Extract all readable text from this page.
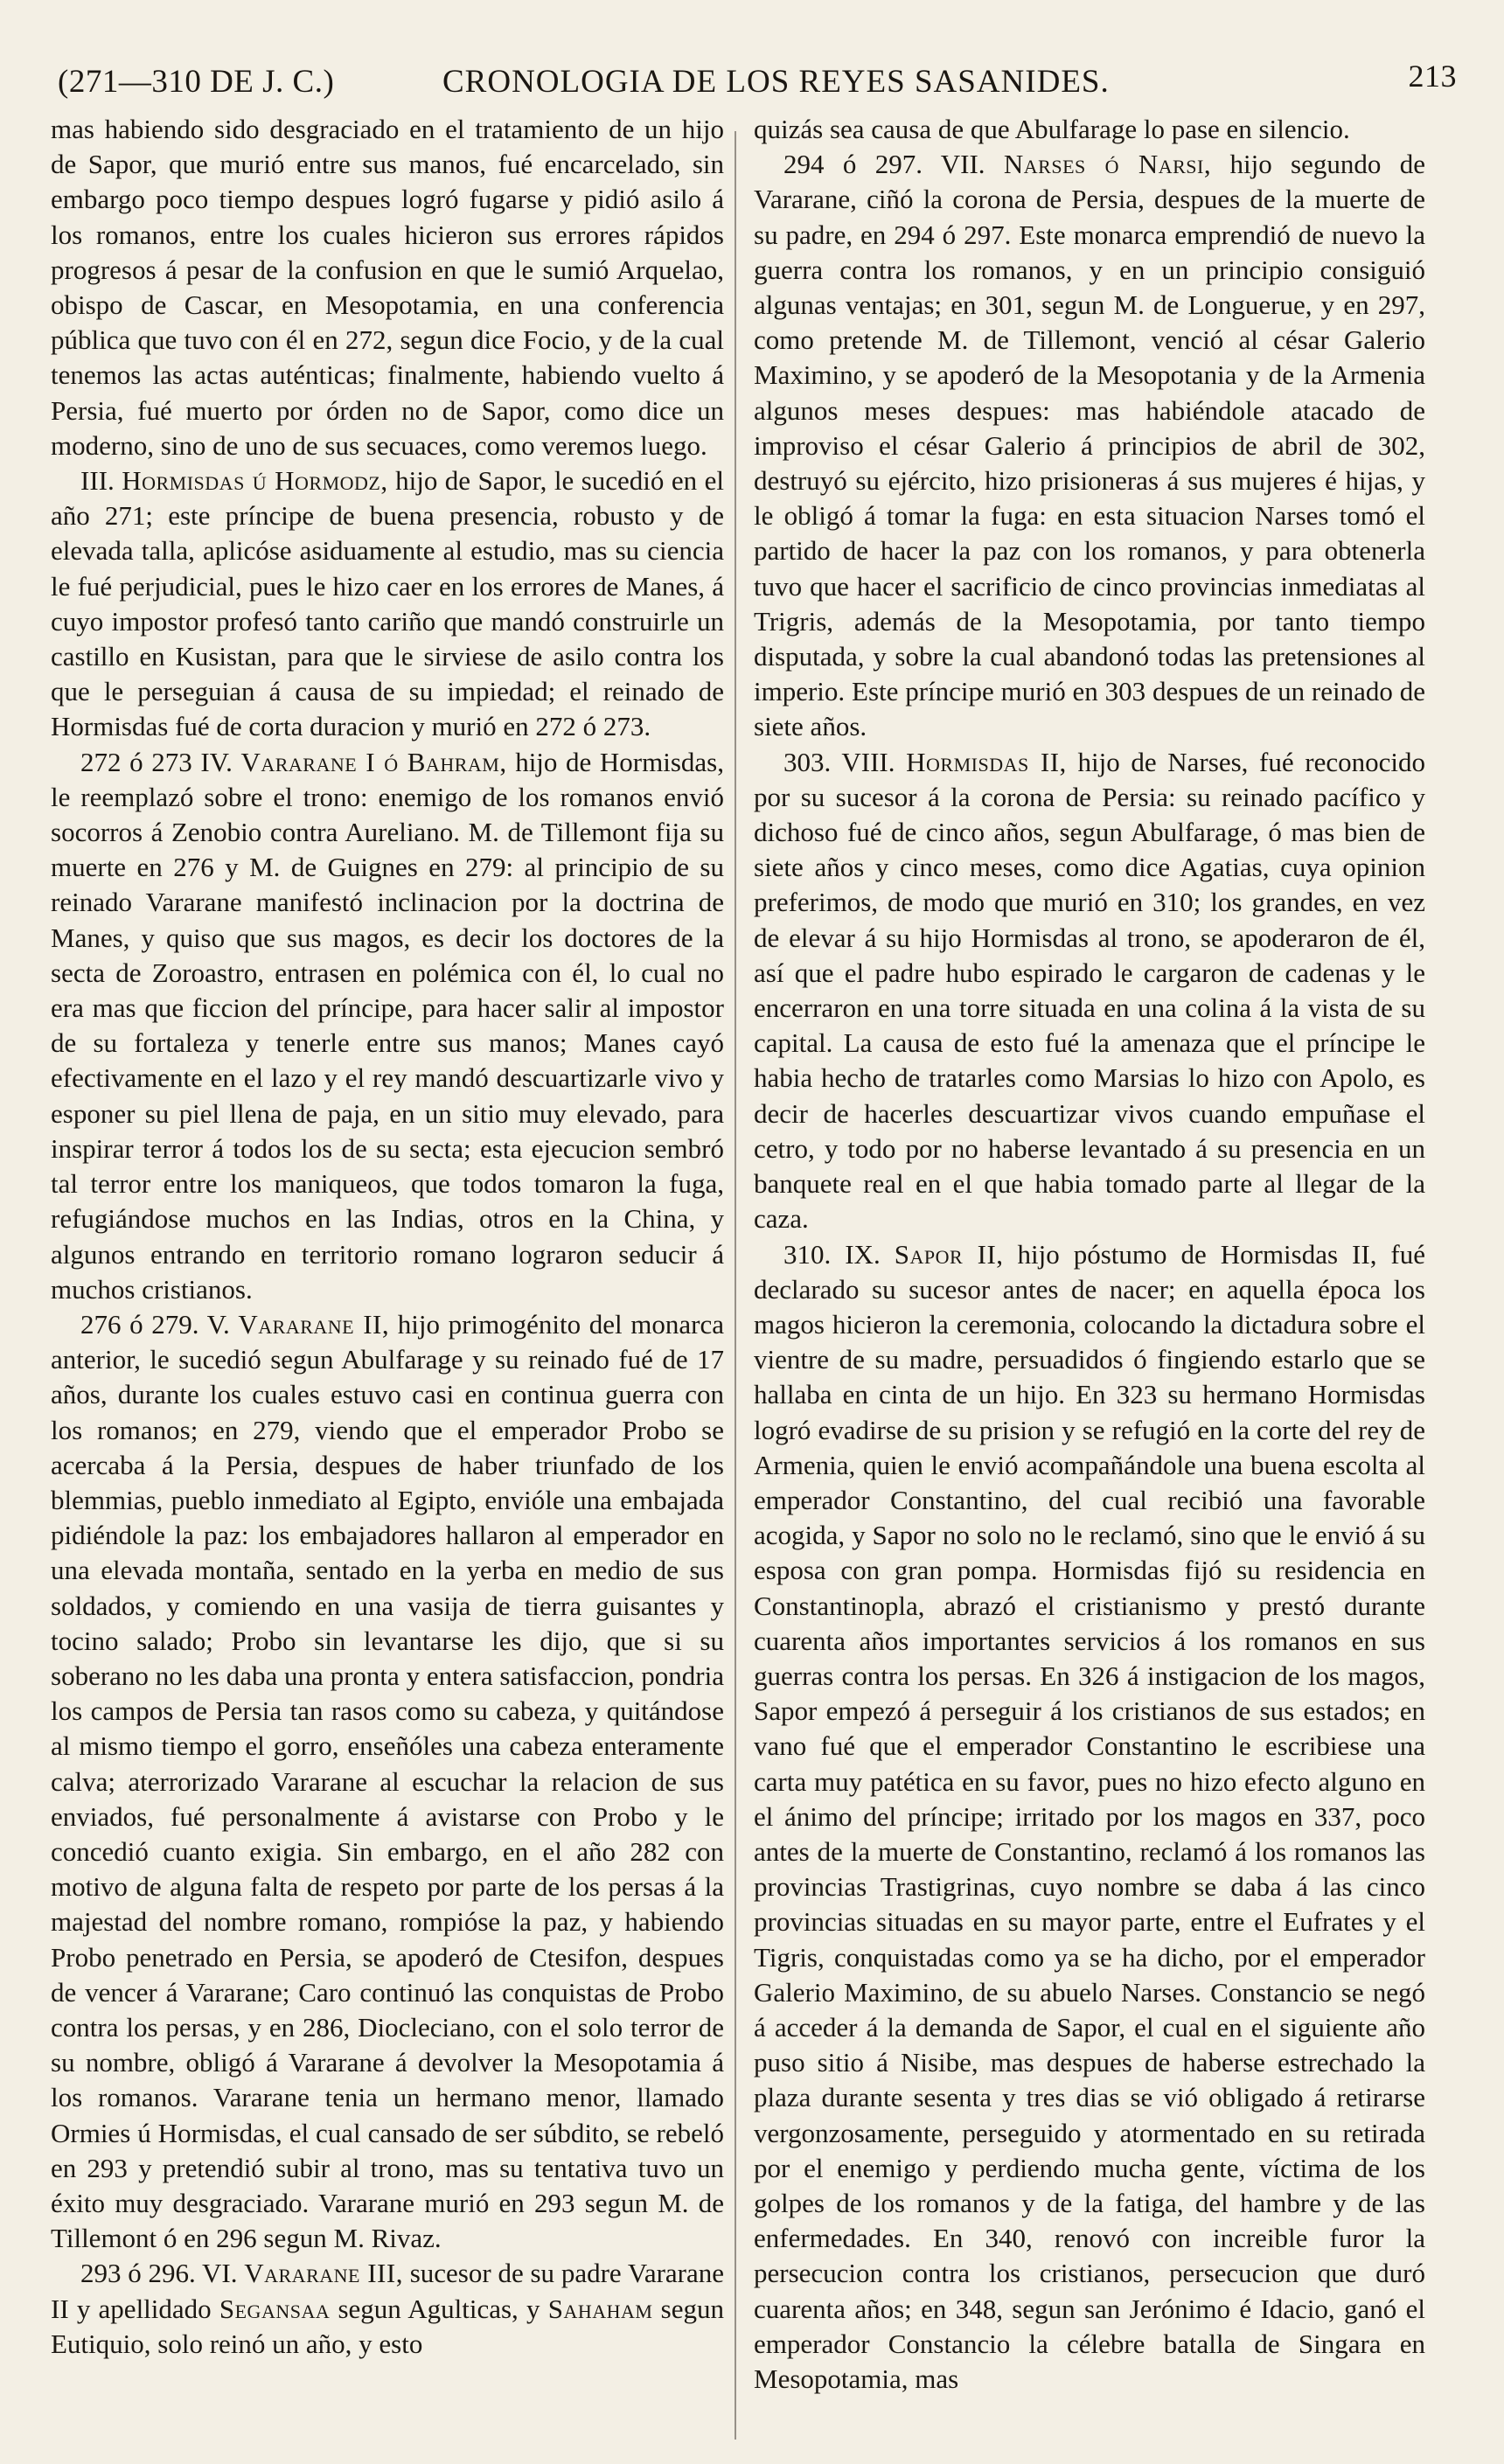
(271—310 DE J. C.)	CRONOLOGIA DE LOS REYES SASANIDES.	213

mas habiendo sido desgraciado en el tratamiento de un hijo de Sapor, que murió entre sus manos, fué encarcelado, sin embargo poco tiempo despues logró fugarse y pidió asilo á los romanos, entre los cuales hicieron sus errores rápidos progresos á pesar de la confusion en que le sumió Arquelao, obispo de Cascar, en Mesopotamia, en una conferencia pública que tuvo con él en 272, segun dice Focio, y de la cual tenemos las actas auténticas; finalmente, habiendo vuelto á Persia, fué muerto por órden no de Sapor, como dice un moderno, sino de uno de sus secuaces, como veremos luego.

III. Hormisdas ú Hormodz, hijo de Sapor, le sucedió en el año 271; este príncipe de buena presencia, robusto y de elevada talla, aplicóse asiduamente al estudio, mas su ciencia le fué perjudicial, pues le hizo caer en los errores de Manes, á cuyo impostor profesó tanto cariño que mandó construirle un castillo en Kusistan, para que le sirviese de asilo contra los que le perseguian á causa de su impiedad; el reinado de Hormisdas fué de corta duracion y murió en 272 ó 273.

272 ó 273 IV. Vararane I ó Bahram, hijo de Hormisdas, le reemplazó sobre el trono: enemigo de los romanos envió socorros á Zenobio contra Aureliano. M. de Tillemont fija su muerte en 276 y M. de Guignes en 279: al principio de su reinado Vararane manifestó inclinacion por la doctrina de Manes, y quiso que sus magos, es decir los doctores de la secta de Zoroastro, entrasen en polémica con él, lo cual no era mas que ficcion del príncipe, para hacer salir al impostor de su fortaleza y tenerle entre sus manos; Manes cayó efectivamente en el lazo y el rey mandó descuartizarle vivo y esponer su piel llena de paja, en un sitio muy elevado, para inspirar terror á todos los de su secta; esta ejecucion sembró tal terror entre los maniqueos, que todos tomaron la fuga, refugiándose muchos en las Indias, otros en la China, y algunos entrando en territorio romano lograron seducir á muchos cristianos.

276 ó 279. V. Vararane II, hijo primogénito del monarca anterior, le sucedió segun Abulfarage y su reinado fué de 17 años, durante los cuales estuvo casi en continua guerra con los romanos; en 279, viendo que el emperador Probo se acercaba á la Persia, despues de haber triunfado de los blemmias, pueblo inmediato al Egipto, envióle una embajada pidiéndole la paz: los embajadores hallaron al emperador en una elevada montaña, sentado en la yerba en medio de sus soldados, y comiendo en una vasija de tierra guisantes y tocino salado; Probo sin levantarse les dijo, que si su soberano no les daba una pronta y entera satisfaccion, pondria los campos de Persia tan rasos como su cabeza, y quitándose al mismo tiempo el gorro, enseñóles una cabeza enteramente calva; aterrorizado Vararane al escuchar la relacion de sus enviados, fué personalmente á avistarse con Probo y le concedió cuanto exigia. Sin embargo, en el año 282 con motivo de alguna falta de respeto por parte de los persas á la majestad del nombre romano, rompióse la paz, y habiendo Probo penetrado en Persia, se apoderó de Ctesifon, despues de vencer á Vararane; Caro continuó las conquistas de Probo contra los persas, y en 286, Diocleciano, con el solo terror de su nombre, obligó á Vararane á devolver la Mesopotamia á los romanos. Vararane tenia un hermano menor, llamado Ormies ú Hormisdas, el cual cansado de ser súbdito, se rebeló en 293 y pretendió subir al trono, mas su tentativa tuvo un éxito muy desgraciado. Vararane murió en 293 segun M. de Tillemont ó en 296 segun M. Rivaz.

293 ó 296. VI. Vararane III, sucesor de su padre Vararane II y apellidado Segansaa segun Agulticas, y Sahaham segun Eutiquio, solo reinó un año, y esto

quizás sea causa de que Abulfarage lo pase en silencio.

294 ó 297. VII. Narses ó Narsi, hijo segundo de Vararane, ciñó la corona de Persia, despues de la muerte de su padre, en 294 ó 297. Este monarca emprendió de nuevo la guerra contra los romanos, y en un principio consiguió algunas ventajas; en 301, segun M. de Longuerue, y en 297, como pretende M. de Tillemont, venció al césar Galerio Maximino, y se apoderó de la Mesopotania y de la Armenia algunos meses despues: mas habiéndole atacado de improviso el césar Galerio á principios de abril de 302, destruyó su ejército, hizo prisioneras á sus mujeres é hijas, y le obligó á tomar la fuga: en esta situacion Narses tomó el partido de hacer la paz con los romanos, y para obtenerla tuvo que hacer el sacrificio de cinco provincias inmediatas al Trigris, además de la Mesopotamia, por tanto tiempo disputada, y sobre la cual abandonó todas las pretensiones al imperio. Este príncipe murió en 303 despues de un reinado de siete años.

303. VIII. Hormisdas II, hijo de Narses, fué reconocido por su sucesor á la corona de Persia: su reinado pacífico y dichoso fué de cinco años, segun Abulfarage, ó mas bien de siete años y cinco meses, como dice Agatias, cuya opinion preferimos, de modo que murió en 310; los grandes, en vez de elevar á su hijo Hormisdas al trono, se apoderaron de él, así que el padre hubo espirado le cargaron de cadenas y le encerraron en una torre situada en una colina á la vista de su capital. La causa de esto fué la amenaza que el príncipe le habia hecho de tratarles como Marsias lo hizo con Apolo, es decir de hacerles descuartizar vivos cuando empuñase el cetro, y todo por no haberse levantado á su presencia en un banquete real en el que habia tomado parte al llegar de la caza.

310. IX. Sapor II, hijo póstumo de Hormisdas II, fué declarado su sucesor antes de nacer; en aquella época los magos hicieron la ceremonia, colocando la dictadura sobre el vientre de su madre, persuadidos ó fingiendo estarlo que se hallaba en cinta de un hijo. En 323 su hermano Hormisdas logró evadirse de su prision y se refugió en la corte del rey de Armenia, quien le envió acompañándole una buena escolta al emperador Constantino, del cual recibió una favorable acogida, y Sapor no solo no le reclamó, sino que le envió á su esposa con gran pompa. Hormisdas fijó su residencia en Constantinopla, abrazó el cristianismo y prestó durante cuarenta años importantes servicios á los romanos en sus guerras contra los persas. En 326 á instigacion de los magos, Sapor empezó á perseguir á los cristianos de sus estados; en vano fué que el emperador Constantino le escribiese una carta muy patética en su favor, pues no hizo efecto alguno en el ánimo del príncipe; irritado por los magos en 337, poco antes de la muerte de Constantino, reclamó á los romanos las provincias Trastigrinas, cuyo nombre se daba á las cinco provincias situadas en su mayor parte, entre el Eufrates y el Tigris, conquistadas como ya se ha dicho, por el emperador Galerio Maximino, de su abuelo Narses. Constancio se negó á acceder á la demanda de Sapor, el cual en el siguiente año puso sitio á Nisibe, mas despues de haberse estrechado la plaza durante sesenta y tres dias se vió obligado á retirarse vergonzosamente, perseguido y atormentado en su retirada por el enemigo y perdiendo mucha gente, víctima de los golpes de los romanos y de la fatiga, del hambre y de las enfermedades. En 340, renovó con increible furor la persecucion contra los cristianos, persecucion que duró cuarenta años; en 348, segun san Jerónimo é Idacio, ganó el emperador Constancio la célebre batalla de Singara en Mesopotamia, mas
